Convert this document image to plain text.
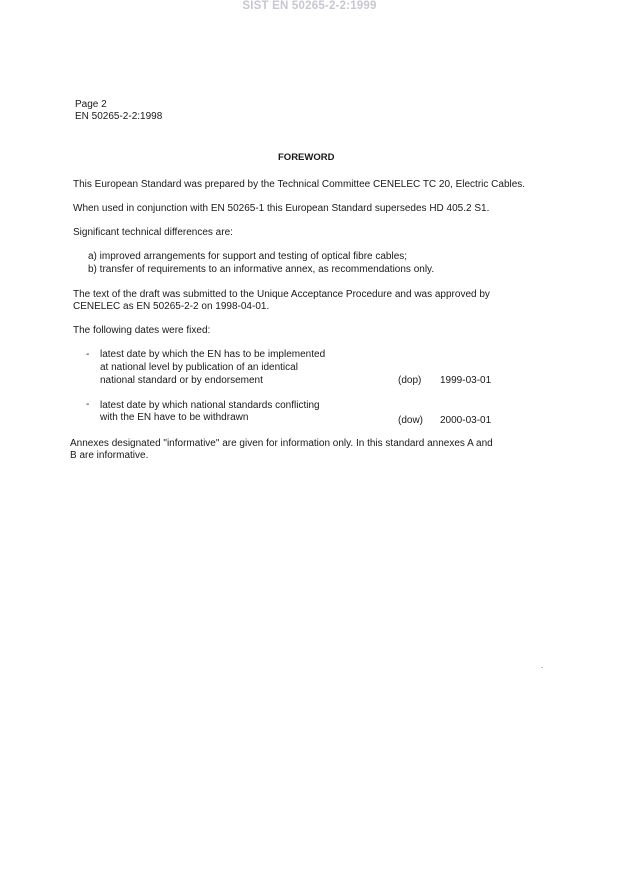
SIST EN 50265-2-2:1999
Page 2
EN 50265-2-2:1998
FOREWORD
This European Standard was prepared by the Technical Committee CENELEC TC 20, Electric Cables.
When used in conjunction with EN 50265-1 this European Standard supersedes HD 405.2 S1.
Significant technical differences are:
a) improved arrangements for support and testing of optical fibre cables;
b) transfer of requirements to an informative annex, as recommendations only.
The text of the draft was submitted to the Unique Acceptance Procedure and was approved by
CENELEC as EN 50265-2-2 on 1998-04-01.
The following dates were fixed:
- latest date by which the EN has to be implemented
at national level by publication of an identical
national standard or by endorsement	(dop) 1999-03-01
- latest date by which national standards conflicting
with the EN have to be withdrawn	(dow) 2000-03-01
Annexes designated "informative" are given for information only. In this standard annexes A and
B are informative.
